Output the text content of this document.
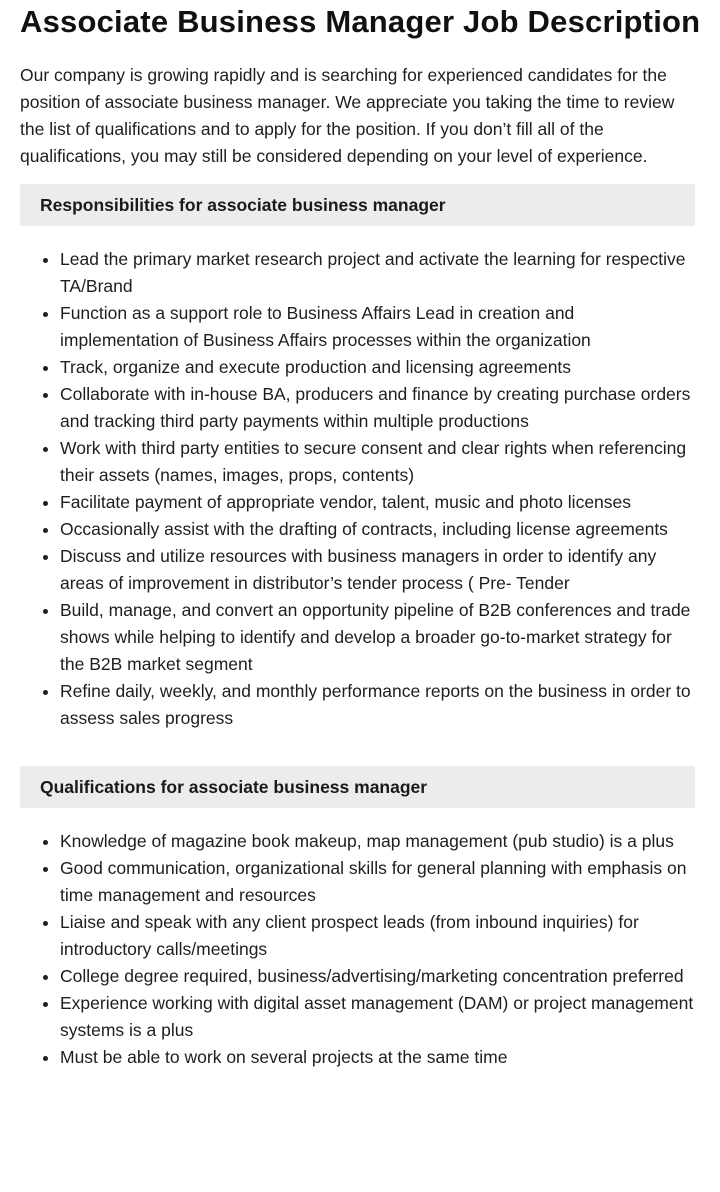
Associate Business Manager Job Description

Our company is growing rapidly and is searching for experienced candidates for the position of associate business manager. We appreciate you taking the time to review the list of qualifications and to apply for the position. If you don’t fill all of the qualifications, you may still be considered depending on your level of experience.

Responsibilities for associate business manager
• Lead the primary market research project and activate the learning for respective TA/Brand
• Function as a support role to Business Affairs Lead in creation and implementation of Business Affairs processes within the organization
• Track, organize and execute production and licensing agreements
• Collaborate with in-house BA, producers and finance by creating purchase orders and tracking third party payments within multiple productions
• Work with third party entities to secure consent and clear rights when referencing their assets (names, images, props, contents)
• Facilitate payment of appropriate vendor, talent, music and photo licenses
• Occasionally assist with the drafting of contracts, including license agreements
• Discuss and utilize resources with business managers in order to identify any areas of improvement in distributor’s tender process ( Pre- Tender
• Build, manage, and convert an opportunity pipeline of B2B conferences and trade shows while helping to identify and develop a broader go-to-market strategy for the B2B market segment
• Refine daily, weekly, and monthly performance reports on the business in order to assess sales progress
Qualifications for associate business manager
• Knowledge of magazine book makeup, map management (pub studio) is a plus
• Good communication, organizational skills for general planning with emphasis on time management and resources
• Liaise and speak with any client prospect leads (from inbound inquiries) for introductory calls/meetings
• College degree required, business/advertising/marketing concentration preferred
• Experience working with digital asset management (DAM) or project management systems is a plus
• Must be able to work on several projects at the same time
